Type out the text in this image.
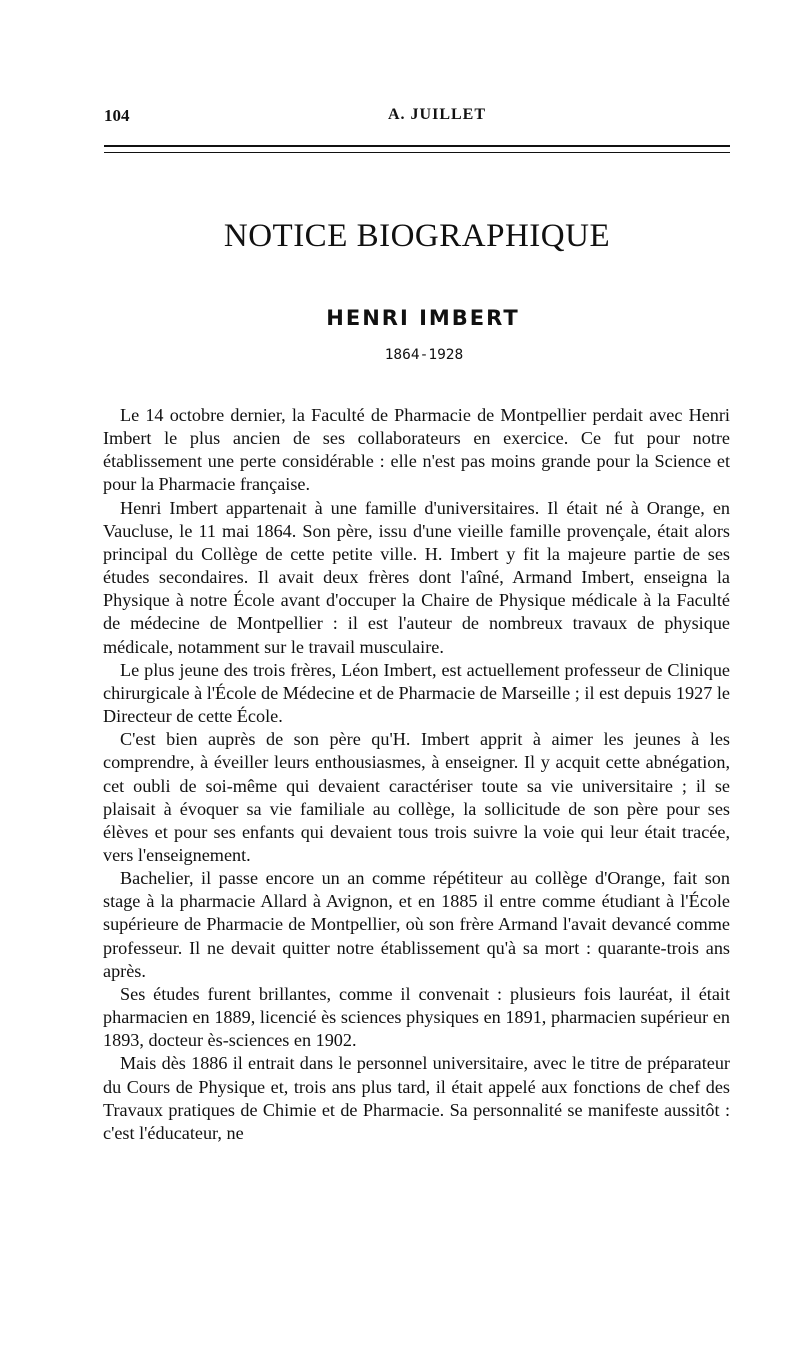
104	A. JUILLET
NOTICE BIOGRAPHIQUE
HENRI IMBERT
1864-1928

Le 14 octobre dernier, la Faculté de Pharmacie de Montpellier perdait avec Henri Imbert le plus ancien de ses collaborateurs en exercice. Ce fut pour notre établissement une perte considérable : elle n'est pas moins grande pour la Science et pour la Pharmacie française.

Henri Imbert appartenait à une famille d'universitaires. Il était né à Orange, en Vaucluse, le 11 mai 1864. Son père, issu d'une vieille famille provençale, était alors principal du Collège de cette petite ville. H. Imbert y fit la majeure partie de ses études secondaires. Il avait deux frères dont l'aîné, Armand Imbert, enseigna la Physique à notre École avant d'occuper la Chaire de Physique médicale à la Faculté de médecine de Montpellier : il est l'auteur de nombreux travaux de physique médicale, notamment sur le travail musculaire.

Le plus jeune des trois frères, Léon Imbert, est actuellement professeur de Clinique chirurgicale à l'École de Médecine et de Pharmacie de Marseille ; il est depuis 1927 le Directeur de cette École.

C'est bien auprès de son père qu'H. Imbert apprit à aimer les jeunes à les comprendre, à éveiller leurs enthousiasmes, à enseigner. Il y acquit cette abnégation, cet oubli de soi-même qui devaient caractériser toute sa vie universitaire ; il se plaisait à évoquer sa vie familiale au collège, la sollicitude de son père pour ses élèves et pour ses enfants qui devaient tous trois suivre la voie qui leur était tracée, vers l'enseignement.

Bachelier, il passe encore un an comme répétiteur au collège d'Orange, fait son stage à la pharmacie Allard à Avignon, et en 1885 il entre comme étudiant à l'École supérieure de Pharmacie de Montpellier, où son frère Armand l'avait devancé comme professeur. Il ne devait quitter notre établissement qu'à sa mort : quarante-trois ans après.

Ses études furent brillantes, comme il convenait : plusieurs fois lauréat, il était pharmacien en 1889, licencié ès sciences physiques en 1891, pharmacien supérieur en 1893, docteur ès-sciences en 1902.

Mais dès 1886 il entrait dans le personnel universitaire, avec le titre de préparateur du Cours de Physique et, trois ans plus tard, il était appelé aux fonctions de chef des Travaux pratiques de Chimie et de Pharmacie. Sa personnalité se manifeste aussitôt : c'est l'éducateur, ne
